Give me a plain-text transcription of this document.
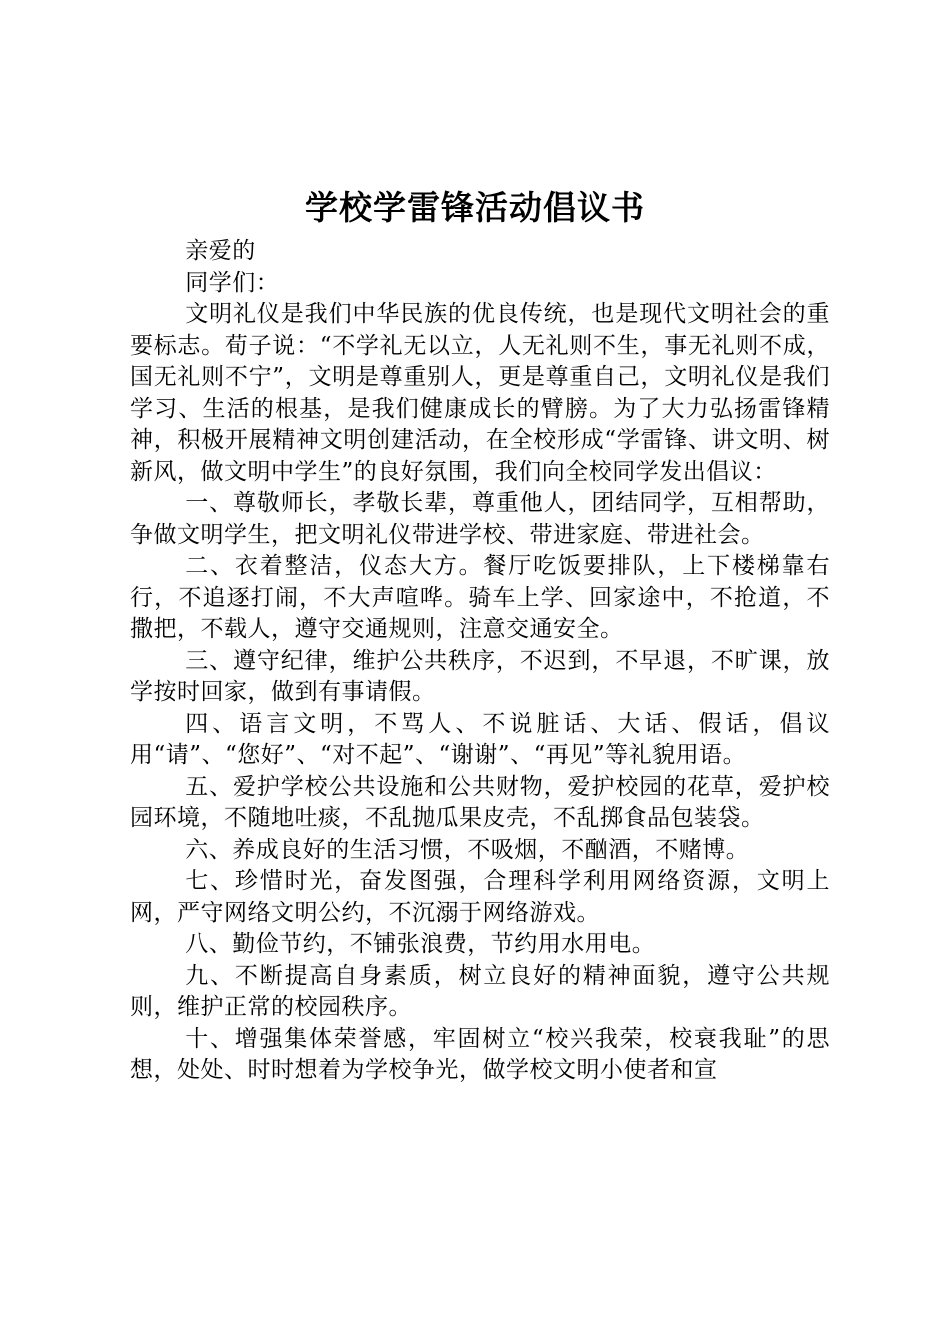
学校学雷锋活动倡议书

亲爱的

同学们：

文明礼仪是我们中华民族的优良传统，也是现代文明社会的重要标志。荀子说：“不学礼无以立，人无礼则不生，事无礼则不成，国无礼则不宁”，文明是尊重别人，更是尊重自己，文明礼仪是我们学习、生活的根基，是我们健康成长的臂膀。为了大力弘扬雷锋精神，积极开展精神文明创建活动，在全校形成“学雷锋、讲文明、树新风，做文明中学生”的良好氛围，我们向全校同学发出倡议：

一、尊敬师长，孝敬长辈，尊重他人，团结同学，互相帮助，争做文明学生，把文明礼仪带进学校、带进家庭、带进社会。

二、衣着整洁，仪态大方。餐厅吃饭要排队，上下楼梯靠右行，不追逐打闹，不大声喧哗。骑车上学、回家途中，不抢道，不撒把，不载人，遵守交通规则，注意交通安全。

三、遵守纪律，维护公共秩序，不迟到，不早退，不旷课，放学按时回家，做到有事请假。

四、语言文明，不骂人、不说脏话、大话、假话，倡议用“请”、“您好”、“对不起”、“谢谢”、“再见”等礼貌用语。

五、爱护学校公共设施和公共财物，爱护校园的花草，爱护校园环境，不随地吐痰，不乱抛瓜果皮壳，不乱掷食品包装袋。

六、养成良好的生活习惯，不吸烟，不酗酒，不赌博。

七、珍惜时光，奋发图强，合理科学利用网络资源，文明上网，严守网络文明公约，不沉溺于网络游戏。

八、勤俭节约，不铺张浪费，节约用水用电。

九、不断提高自身素质，树立良好的精神面貌，遵守公共规则，维护正常的校园秩序。

十、增强集体荣誉感，牢固树立“校兴我荣，校衰我耻”的思想，处处、时时想着为学校争光，做学校文明小使者和宣
